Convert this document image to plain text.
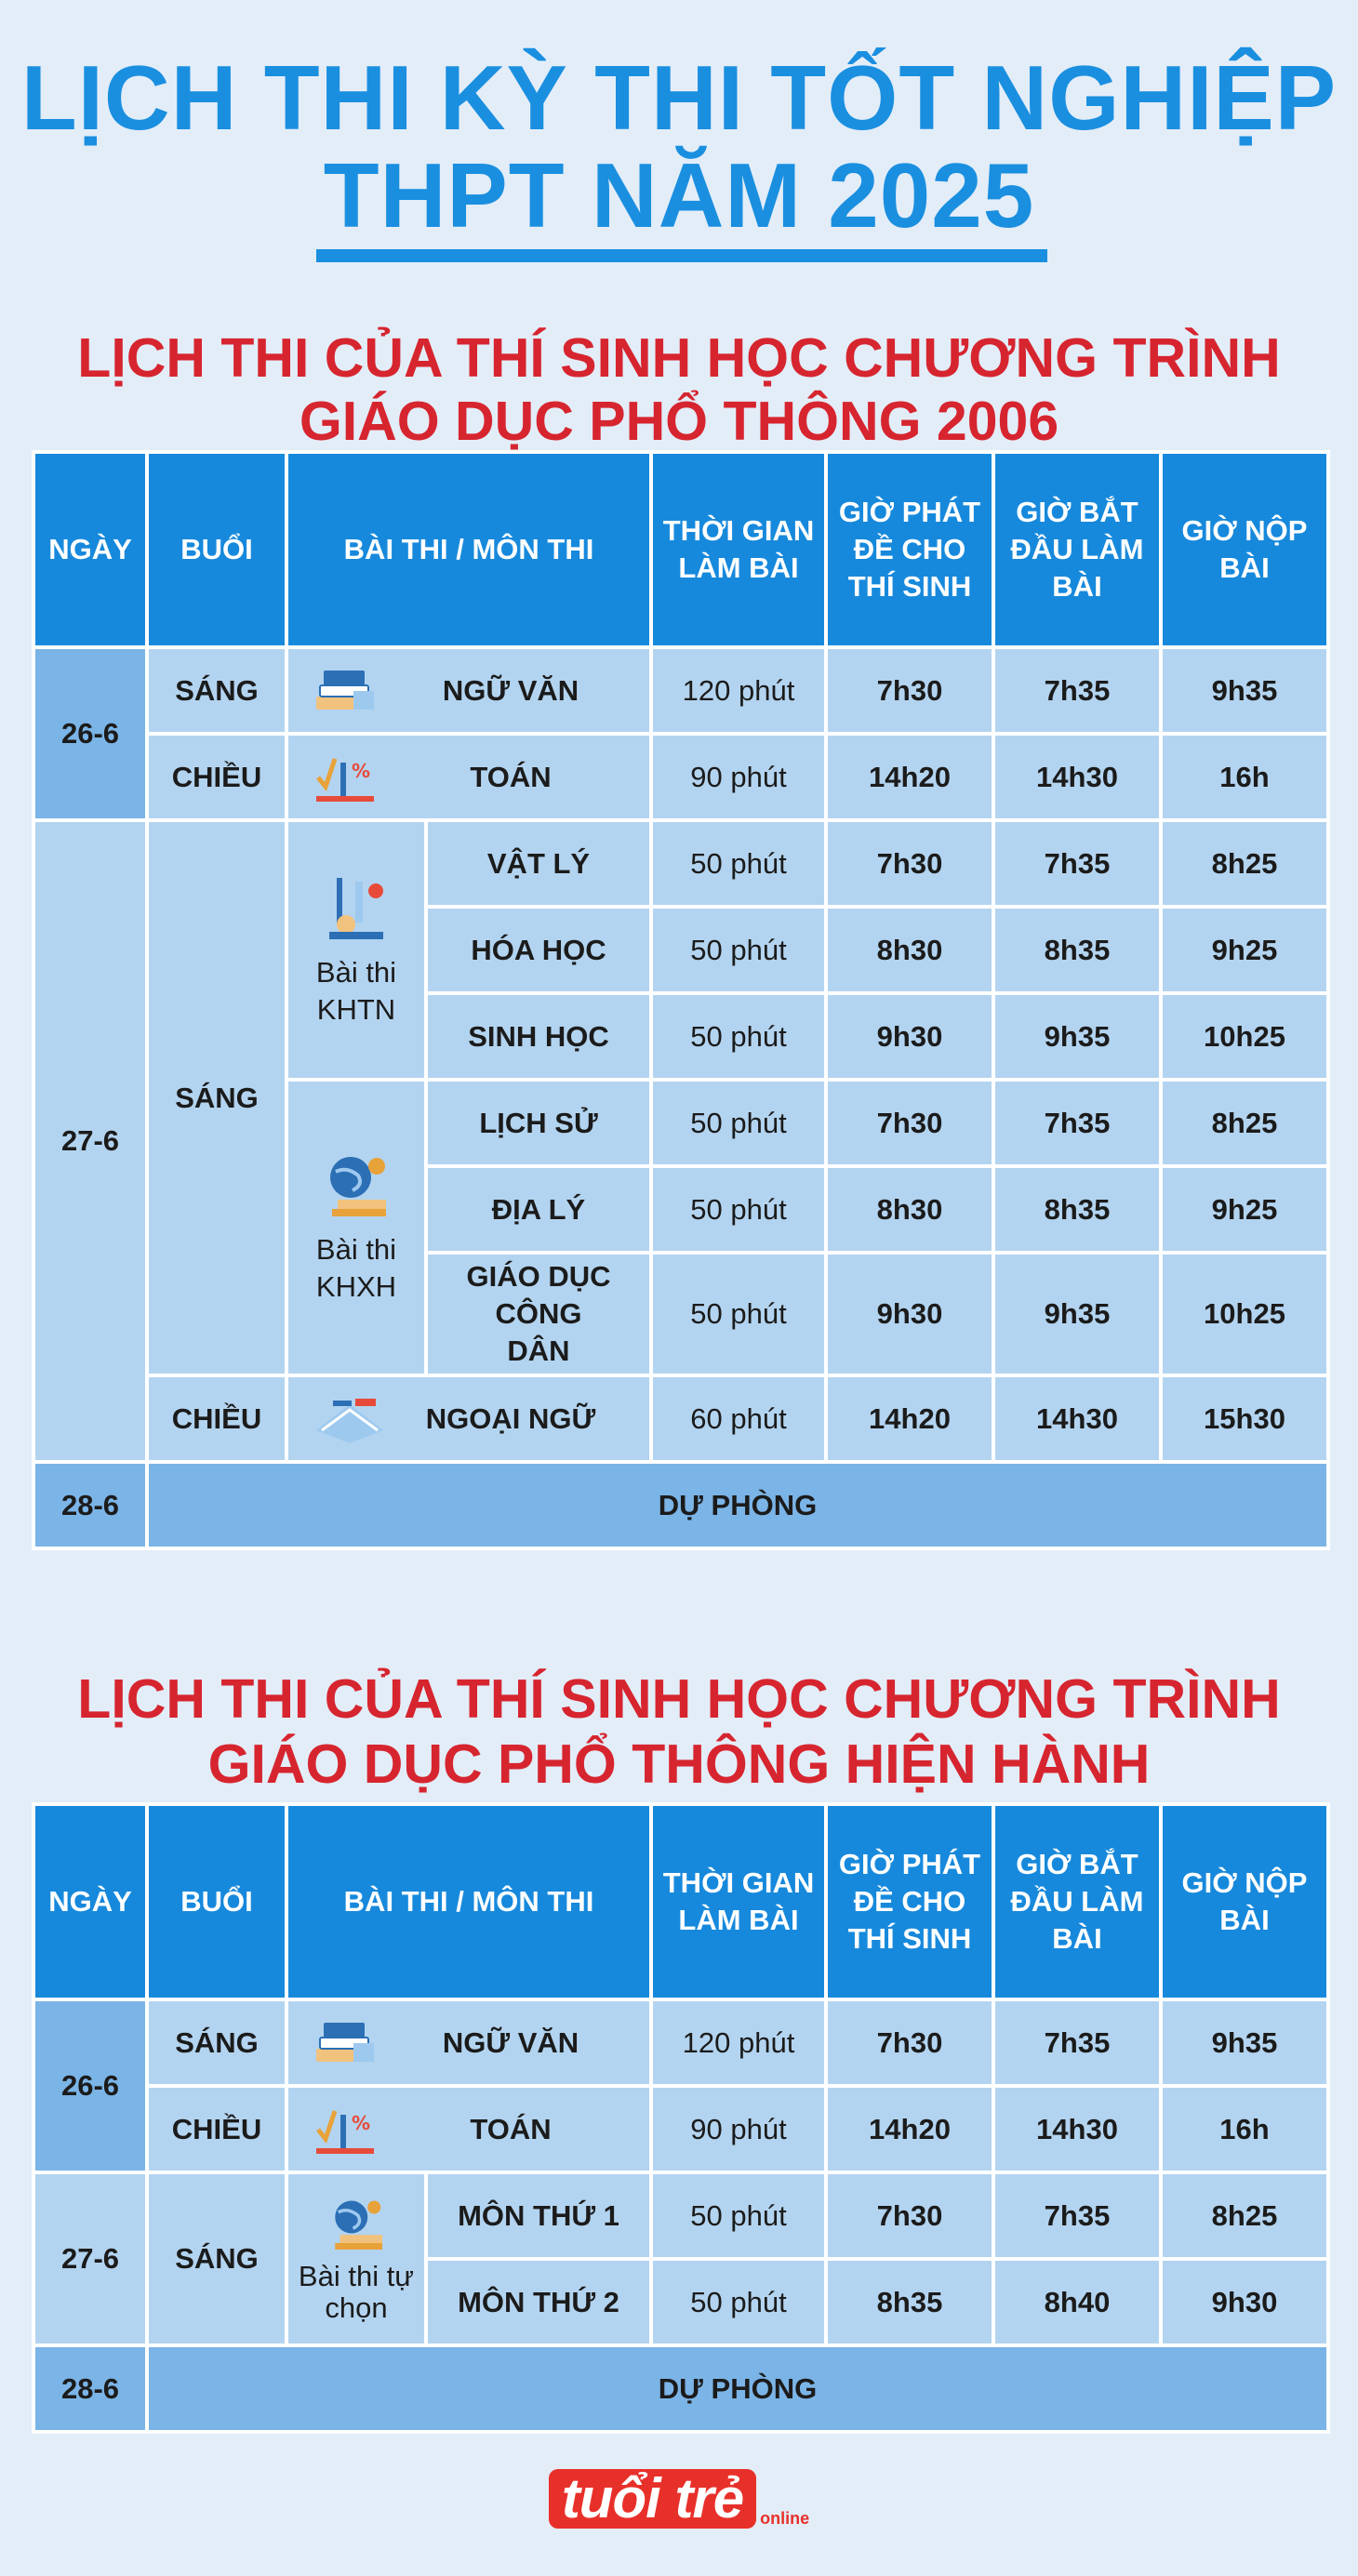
LỊCH THI KỲ THI TỐT NGHIỆP
THPT NĂM 2025
LỊCH THI CỦA THÍ SINH HỌC CHƯƠNG TRÌNH
GIÁO DỤC PHỔ THÔNG 2006
NGÀY	BUỔI	BÀI THI / MÔN THI		THỜI GIAN LÀM BÀI	GIỜ PHÁT ĐỀ CHO THÍ SINH	GIỜ BẮT ĐẦU LÀM BÀI	GIỜ NỘP BÀI
26-6	SÁNG	NGỮ VĂN		120 phút	7h30	7h35	9h35
	CHIỀU	% TOÁN		90 phút	14h20	14h30	16h
27-6	SÁNG	Bài thi KHTN	VẬT LÝ	50 phút	7h30	7h35	8h25
			HÓA HỌC	50 phút	8h30	8h35	9h25
			SINH HỌC	50 phút	9h30	9h35	10h25

		Bài thi KHXH	LỊCH SỬ	50 phút	7h30	7h35	8h25
			ĐỊA LÝ	50 phút	8h30	8h35	9h25
			GIÁO DỤC CÔNG DÂN	50 phút	9h30	9h35	10h25
	CHIỀU	NGOẠI NGỮ		60 phút	14h20	14h30	15h30
28-6	DỰ PHÒNG						
LỊCH THI CỦA THÍ SINH HỌC CHƯƠNG TRÌNH
GIÁO DỤC PHỔ THÔNG HIỆN HÀNH
NGÀY	BUỔI	BÀI THI / MÔN THI		THỜI GIAN LÀM BÀI	GIỜ PHÁT ĐỀ CHO THÍ SINH	GIỜ BẮT ĐẦU LÀM BÀI	GIỜ NỘP BÀI
26-6	SÁNG	NGỮ VĂN		120 phút	7h30	7h35	9h35
	CHIỀU	% TOÁN		90 phút	14h20	14h30	16h
27-6	SÁNG	Bài thi tự chọn	MÔN THỨ 1	50 phút	7h30	7h35	8h25
			MÔN THỨ 2	50 phút	8h35	8h40	9h30
28-6	DỰ PHÒNG						
tuổi trẻ online
